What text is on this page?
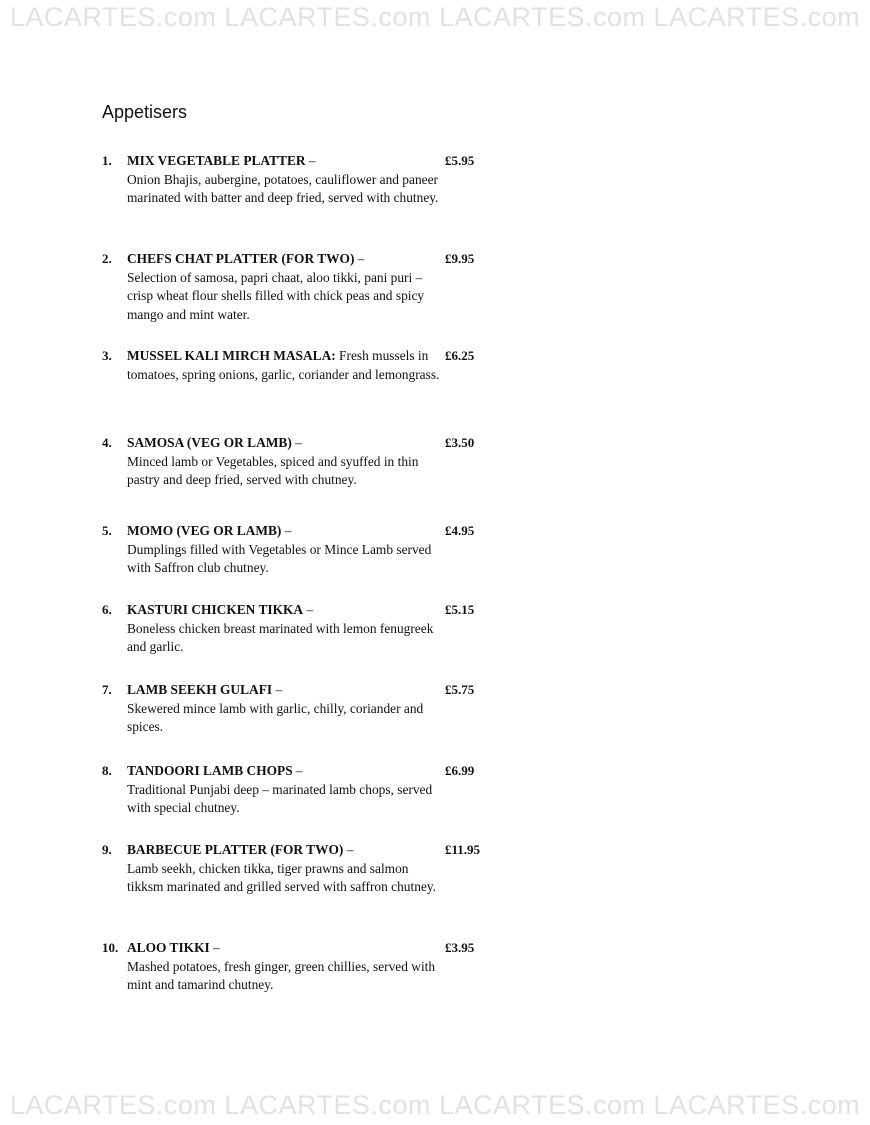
LACARTES.com LACARTES.com LACARTES.com LACARTES.com
Appetisers
1.	MIX VEGETABLE PLATTER –
Onion Bhajis, aubergine, potatoes, cauliflower and paneer marinated with batter and deep fried, served with chutney.
£5.95
2.	CHEFS CHAT PLATTER (FOR TWO) –
Selection of samosa, papri chaat, aloo tikki, pani puri – crisp wheat flour shells filled with chick peas and spicy mango and mint water.
£9.95
3.	MUSSEL KALI MIRCH MASALA: Fresh mussels in tomatoes, spring onions, garlic, coriander and lemongrass.
£6.25
4.	SAMOSA (VEG OR LAMB) –
Minced lamb or Vegetables, spiced and syuffed in thin pastry and deep fried, served with chutney.
£3.50
5.	MOMO (VEG OR LAMB) –
Dumplings filled with Vegetables or Mince Lamb served with Saffron club chutney.
£4.95
6.	KASTURI CHICKEN TIKKA –
Boneless chicken breast marinated with lemon fenugreek and garlic.
£5.15
7.	LAMB SEEKH GULAFI –
Skewered mince lamb with garlic, chilly, coriander and spices.
£5.75
8.	TANDOORI LAMB CHOPS –
Traditional Punjabi deep – marinated lamb chops, served with special chutney.
£6.99
9.	BARBECUE PLATTER (FOR TWO) –
Lamb seekh, chicken tikka, tiger prawns and salmon tikksm marinated and grilled served with saffron chutney.
£11.95
10. ALOO TIKKI –
Mashed potatoes, fresh ginger, green chillies, served with mint and tamarind chutney.
£3.95
LACARTES.com LACARTES.com LACARTES.com LACARTES.com
